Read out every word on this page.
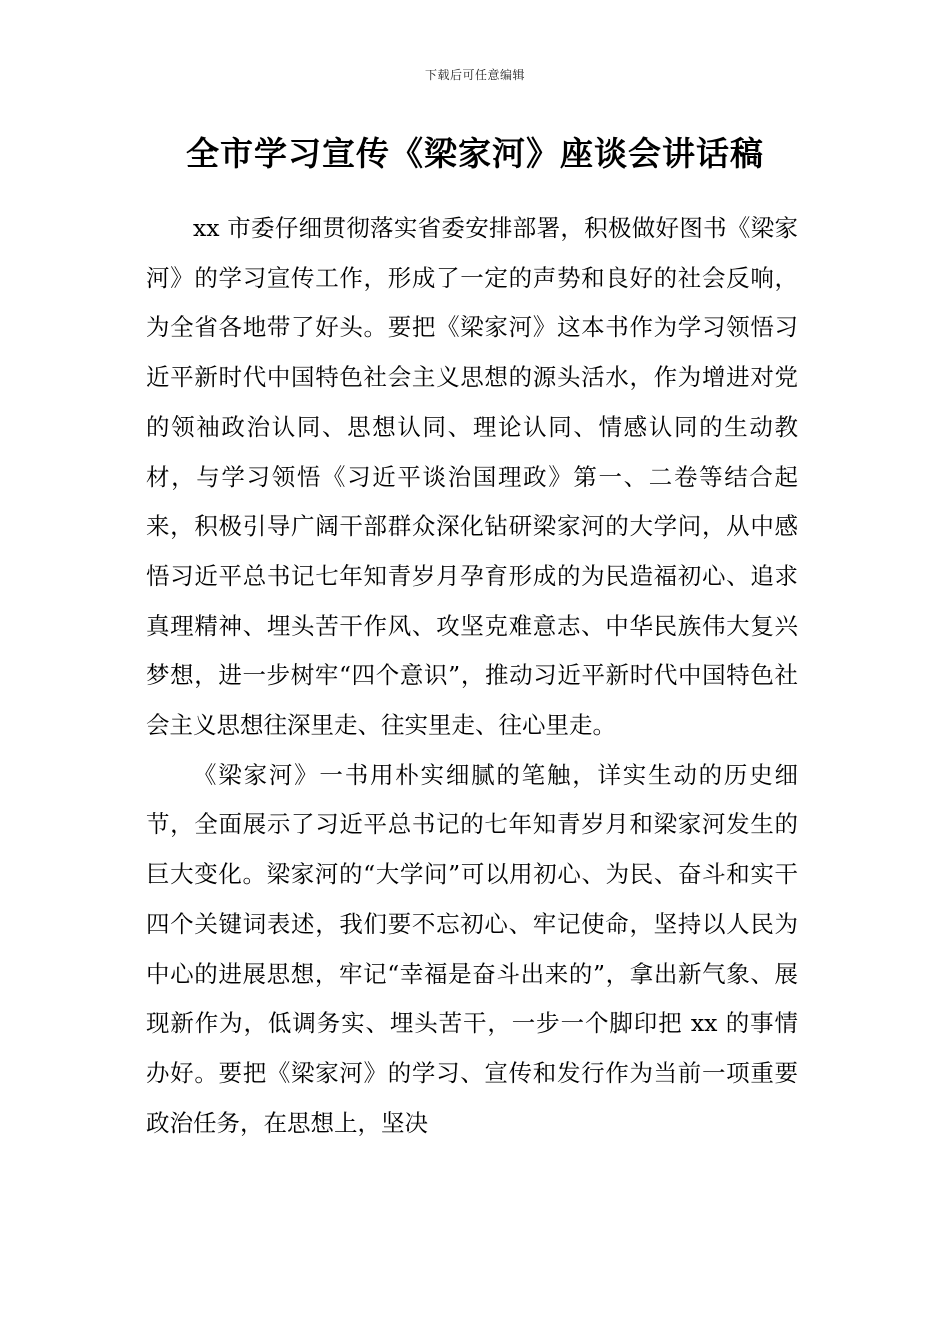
下载后可任意编辑
全市学习宣传《梁家河》座谈会讲话稿

xx 市委仔细贯彻落实省委安排部署，积极做好图书《梁家河》的学习宣传工作，形成了一定的声势和良好的社会反响，为全省各地带了好头。要把《梁家河》这本书作为学习领悟习近平新时代中国特色社会主义思想的源头活水，作为增进对党的领袖政治认同、思想认同、理论认同、情感认同的生动教材，与学习领悟《习近平谈治国理政》第一、二卷等结合起来，积极引导广阔干部群众深化钻研梁家河的大学问，从中感悟习近平总书记七年知青岁月孕育形成的为民造福初心、追求真理精神、埋头苦干作风、攻坚克难意志、中华民族伟大复兴梦想，进一步树牢“四个意识”，推动习近平新时代中国特色社会主义思想往深里走、往实里走、往心里走。

《梁家河》一书用朴实细腻的笔触，详实生动的历史细节，全面展示了习近平总书记的七年知青岁月和梁家河发生的巨大变化。梁家河的“大学问”可以用初心、为民、奋斗和实干四个关键词表述，我们要不忘初心、牢记使命，坚持以人民为中心的进展思想，牢记“幸福是奋斗出来的”，拿出新气象、展现新作为，低调务实、埋头苦干，一步一个脚印把 xx 的事情办好。要把《梁家河》的学习、宣传和发行作为当前一项重要政治任务，在思想上，坚决
